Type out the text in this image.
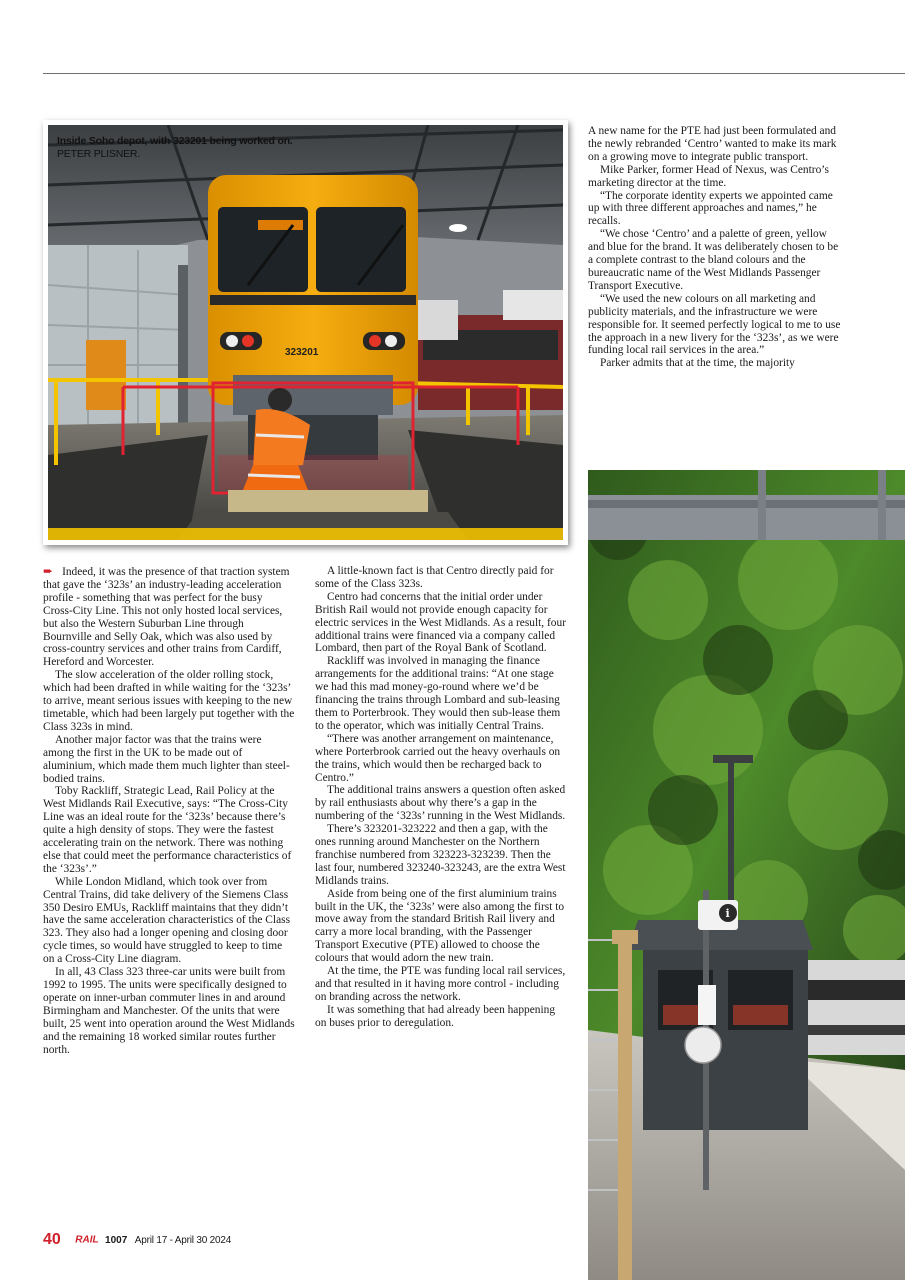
323201
Inside Soho depot, with 323201 being worked on.
PETER PLISNER.

➨ Indeed, it was the presence of that traction system that gave the ‘323s’ an industry-leading acceleration profile - something that was perfect for the busy Cross-City Line. This not only hosted local services, but also the Western Suburban Line through Bournville and Selly Oak, which was also used by cross-country services and other trains from Cardiff, Hereford and Worcester.

The slow acceleration of the older rolling stock, which had been drafted in while waiting for the ‘323s’ to arrive, meant serious issues with keeping to the new timetable, which had been largely put together with the Class 323s in mind.

Another major factor was that the trains were among the first in the UK to be made out of aluminium, which made them much lighter than steel-bodied trains.

Toby Rackliff, Strategic Lead, Rail Policy at the West Midlands Rail Executive, says: “The Cross-City Line was an ideal route for the ‘323s’ because there’s quite a high density of stops. They were the fastest accelerating train on the network. There was nothing else that could meet the performance characteristics of the ‘323s’.”

While London Midland, which took over from Central Trains, did take delivery of the Siemens Class 350 Desiro EMUs, Rackliff maintains that they didn’t have the same acceleration characteristics of the Class 323. They also had a longer opening and closing door cycle times, so would have struggled to keep to time on a Cross-City Line diagram.

In all, 43 Class 323 three-car units were built from 1992 to 1995. The units were specifically designed to operate on inner-urban commuter lines in and around Birmingham and Manchester. Of the units that were built, 25 went into operation around the West Midlands and the remaining 18 worked similar routes further north.

A little-known fact is that Centro directly paid for some of the Class 323s.

Centro had concerns that the initial order under British Rail would not provide enough capacity for electric services in the West Midlands. As a result, four additional trains were financed via a company called Lombard, then part of the Royal Bank of Scotland.

Rackliff was involved in managing the finance arrangements for the additional trains: “At one stage we had this mad money-go-round where we’d be financing the trains through Lombard and sub-leasing them to Porterbrook. They would then sub-lease them to the operator, which was initially Central Trains.

“There was another arrangement on maintenance, where Porterbrook carried out the heavy overhauls on the trains, which would then be recharged back to Centro.”

The additional trains answers a question often asked by rail enthusiasts about why there’s a gap in the numbering of the ‘323s’ running in the West Midlands.

There’s 323201-323222 and then a gap, with the ones running around Manchester on the Northern franchise numbered from 323223-323239. Then the last four, numbered 323240-323243, are the extra West Midlands trains.

Aside from being one of the first aluminium trains built in the UK, the ‘323s’ were also among the first to move away from the standard British Rail livery and carry a more local branding, with the Passenger Transport Executive (PTE) allowed to choose the colours that would adorn the new train.

At the time, the PTE was funding local rail services, and that resulted in it having more control - including on branding across the network.

It was something that had already been happening on buses prior to deregulation.

A new name for the PTE had just been formulated and the newly rebranded ‘Centro’ wanted to make its mark on a growing move to integrate public transport.

Mike Parker, former Head of Nexus, was Centro’s marketing director at the time.

“The corporate identity experts we appointed came up with three different approaches and names,” he recalls.

“We chose ‘Centro’ and a palette of green, yellow and blue for the brand. It was deliberately chosen to be a complete contrast to the bland colours and the bureaucratic name of the West Midlands Passenger Transport Executive.

“We used the new colours on all marketing and publicity materials, and the infrastructure we were responsible for. It seemed perfectly logical to me to use the approach in a new livery for the ‘323s’, as we were funding local rail services in the area.”

Parker admits that at the time, the majority

i
40 RAIL 1007 April 17 - April 30 2024
